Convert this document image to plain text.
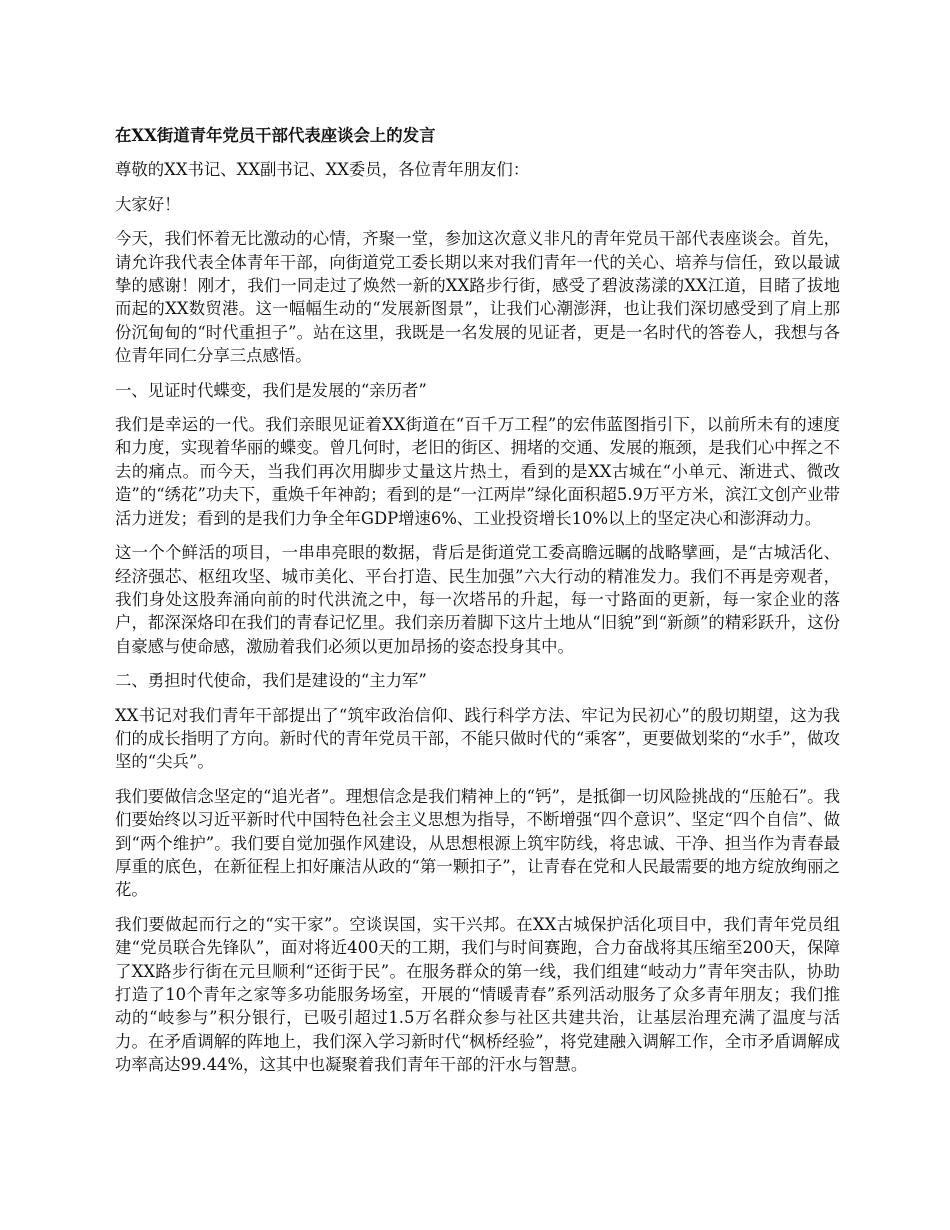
在XX街道青年党员干部代表座谈会上的发言

尊敬的XX书记、XX副书记、XX委员，各位青年朋友们：

大家好！

今天，我们怀着无比激动的心情，齐聚一堂，参加这次意义非凡的青年党员干部代表座谈会。首先，请允许我代表全体青年干部，向街道党工委长期以来对我们青年一代的关心、培养与信任，致以最诚挚的感谢！刚才，我们一同走过了焕然一新的XX路步行街，感受了碧波荡漾的XX江道，目睹了拔地而起的XX数贸港。这一幅幅生动的“发展新图景”，让我们心潮澎湃，也让我们深切感受到了肩上那份沉甸甸的“时代重担子”。站在这里，我既是一名发展的见证者，更是一名时代的答卷人，我想与各位青年同仁分享三点感悟。

一、见证时代蝶变，我们是发展的“亲历者”

我们是幸运的一代。我们亲眼见证着XX街道在“百千万工程”的宏伟蓝图指引下，以前所未有的速度和力度，实现着华丽的蝶变。曾几何时，老旧的街区、拥堵的交通、发展的瓶颈，是我们心中挥之不去的痛点。而今天，当我们再次用脚步丈量这片热土，看到的是XX古城在“小单元、渐进式、微改造”的“绣花”功夫下，重焕千年神韵；看到的是“一江两岸”绿化面积超5.9万平方米，滨江文创产业带活力迸发；看到的是我们力争全年GDP增速6%、工业投资增长10%以上的坚定决心和澎湃动力。

这一个个鲜活的项目，一串串亮眼的数据，背后是街道党工委高瞻远瞩的战略擘画，是“古城活化、经济强芯、枢纽攻坚、城市美化、平台打造、民生加强”六大行动的精准发力。我们不再是旁观者，我们身处这股奔涌向前的时代洪流之中，每一次塔吊的升起，每一寸路面的更新，每一家企业的落户，都深深烙印在我们的青春记忆里。我们亲历着脚下这片土地从“旧貌”到“新颜”的精彩跃升，这份自豪感与使命感，激励着我们必须以更加昂扬的姿态投身其中。

二、勇担时代使命，我们是建设的“主力军”

XX书记对我们青年干部提出了“筑牢政治信仰、践行科学方法、牢记为民初心”的殷切期望，这为我们的成长指明了方向。新时代的青年党员干部，不能只做时代的“乘客”，更要做划桨的“水手”，做攻坚的“尖兵”。

我们要做信念坚定的“追光者”。理想信念是我们精神上的“钙”，是抵御一切风险挑战的“压舱石”。我们要始终以习近平新时代中国特色社会主义思想为指导，不断增强“四个意识”、坚定“四个自信”、做到“两个维护”。我们要自觉加强作风建设，从思想根源上筑牢防线，将忠诚、干净、担当作为青春最厚重的底色，在新征程上扣好廉洁从政的“第一颗扣子”，让青春在党和人民最需要的地方绽放绚丽之花。

我们要做起而行之的“实干家”。空谈误国，实干兴邦。在XX古城保护活化项目中，我们青年党员组建“党员联合先锋队”，面对将近400天的工期，我们与时间赛跑，合力奋战将其压缩至200天，保障了XX路步行街在元旦顺利“还街于民”。在服务群众的第一线，我们组建“岐动力”青年突击队，协助打造了10个青年之家等多功能服务场室，开展的“情暖青春”系列活动服务了众多青年朋友；我们推动的“岐参与”积分银行，已吸引超过1.5万名群众参与社区共建共治，让基层治理充满了温度与活力。在矛盾调解的阵地上，我们深入学习新时代“枫桥经验”，将党建融入调解工作，全市矛盾调解成功率高达99.44%，这其中也凝聚着我们青年干部的汗水与智慧。
